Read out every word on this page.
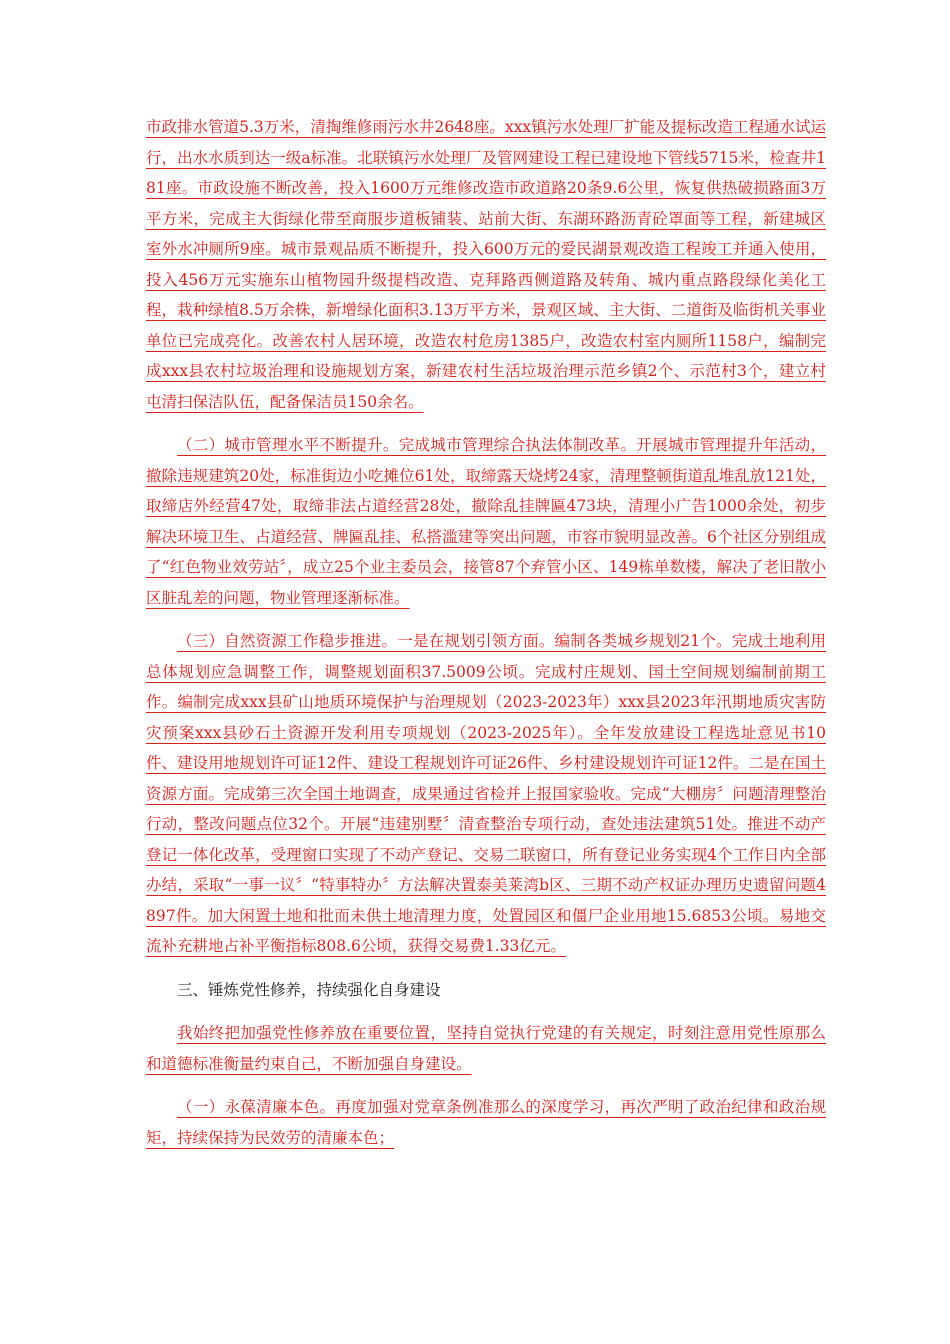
市政排水管道5.3万米，清掏维修雨污水井2648座。xxx镇污水处理厂扩能及提标改造工程通水试运行，出水水质到达一级a标准。北联镇污水处理厂及管网建设工程已建设地下管线5715米，检查井181座。市政设施不断改善，投入1600万元维修改造市政道路20条9.6公里，恢复供热破损路面3万平方米，完成主大街绿化带至商服步道板铺装、站前大街、东湖环路沥青砼罩面等工程，新建城区室外水冲厕所9座。城市景观品质不断提升，投入600万元的爱民湖景观改造工程竣工并通入使用，投入456万元实施东山植物园升级提档改造、克拜路西侧道路及转角、城内重点路段绿化美化工程，栽种绿植8.5万余株，新增绿化面积3.13万平方米，景观区域、主大街、二道街及临街机关事业单位已完成亮化。改善农村人居环境，改造农村危房1385户，改造农村室内厕所1158户，编制完成xxx县农村垃圾治理和设施规划方案，新建农村生活垃圾治理示范乡镇2个、示范村3个，建立村屯清扫保洁队伍，配备保洁员150余名。

（二）城市管理水平不断提升。完成城市管理综合执法体制改革。开展城市管理提升年活动，撤除违规建筑20处，标准街边小吃摊位61处，取缔露天烧烤24家，清理整顿街道乱堆乱放121处，取缔店外经营47处，取缔非法占道经营28处，撤除乱挂牌匾473块，清理小广告1000余处，初步解决环境卫生、占道经营、牌匾乱挂、私搭滥建等突出问题，市容市貌明显改善。6个社区分别组成了“红色物业效劳站〞，成立25个业主委员会，接管87个弃管小区、149栋单数楼，解决了老旧散小区脏乱差的问题，物业管理逐渐标准。

（三）自然资源工作稳步推进。一是在规划引领方面。编制各类城乡规划21个。完成土地利用总体规划应急调整工作，调整规划面积37.5009公顷。完成村庄规划、国土空间规划编制前期工作。编制完成xxx县矿山地质环境保护与治理规划（2023-2023年）xxx县2023年汛期地质灾害防灾预案xxx县砂石土资源开发利用专项规划（2023-2025年）。全年发放建设工程选址意见书10件、建设用地规划许可证12件、建设工程规划许可证26件、乡村建设规划许可证12件。二是在国土资源方面。完成第三次全国土地调查，成果通过省检并上报国家验收。完成“大棚房〞问题清理整治行动，整改问题点位32个。开展“违建别墅〞清查整治专项行动，查处违法建筑51处。推进不动产登记一体化改革，受理窗口实现了不动产登记、交易二联窗口，所有登记业务实现4个工作日内全部办结，采取“一事一议〞“特事特办〞方法解决置泰美莱湾b区、三期不动产权证办理历史遗留问题4897件。加大闲置土地和批而未供土地清理力度，处置园区和僵尸企业用地15.6853公顷。易地交流补充耕地占补平衡指标808.6公顷，获得交易费1.33亿元。

三、锤炼党性修养，持续强化自身建设

我始终把加强党性修养放在重要位置，坚持自觉执行党建的有关规定，时刻注意用党性原那么和道德标准衡量约束自己，不断加强自身建设。

（一）永葆清廉本色。再度加强对党章条例准那么的深度学习，再次严明了政治纪律和政治规矩，持续保持为民效劳的清廉本色；
